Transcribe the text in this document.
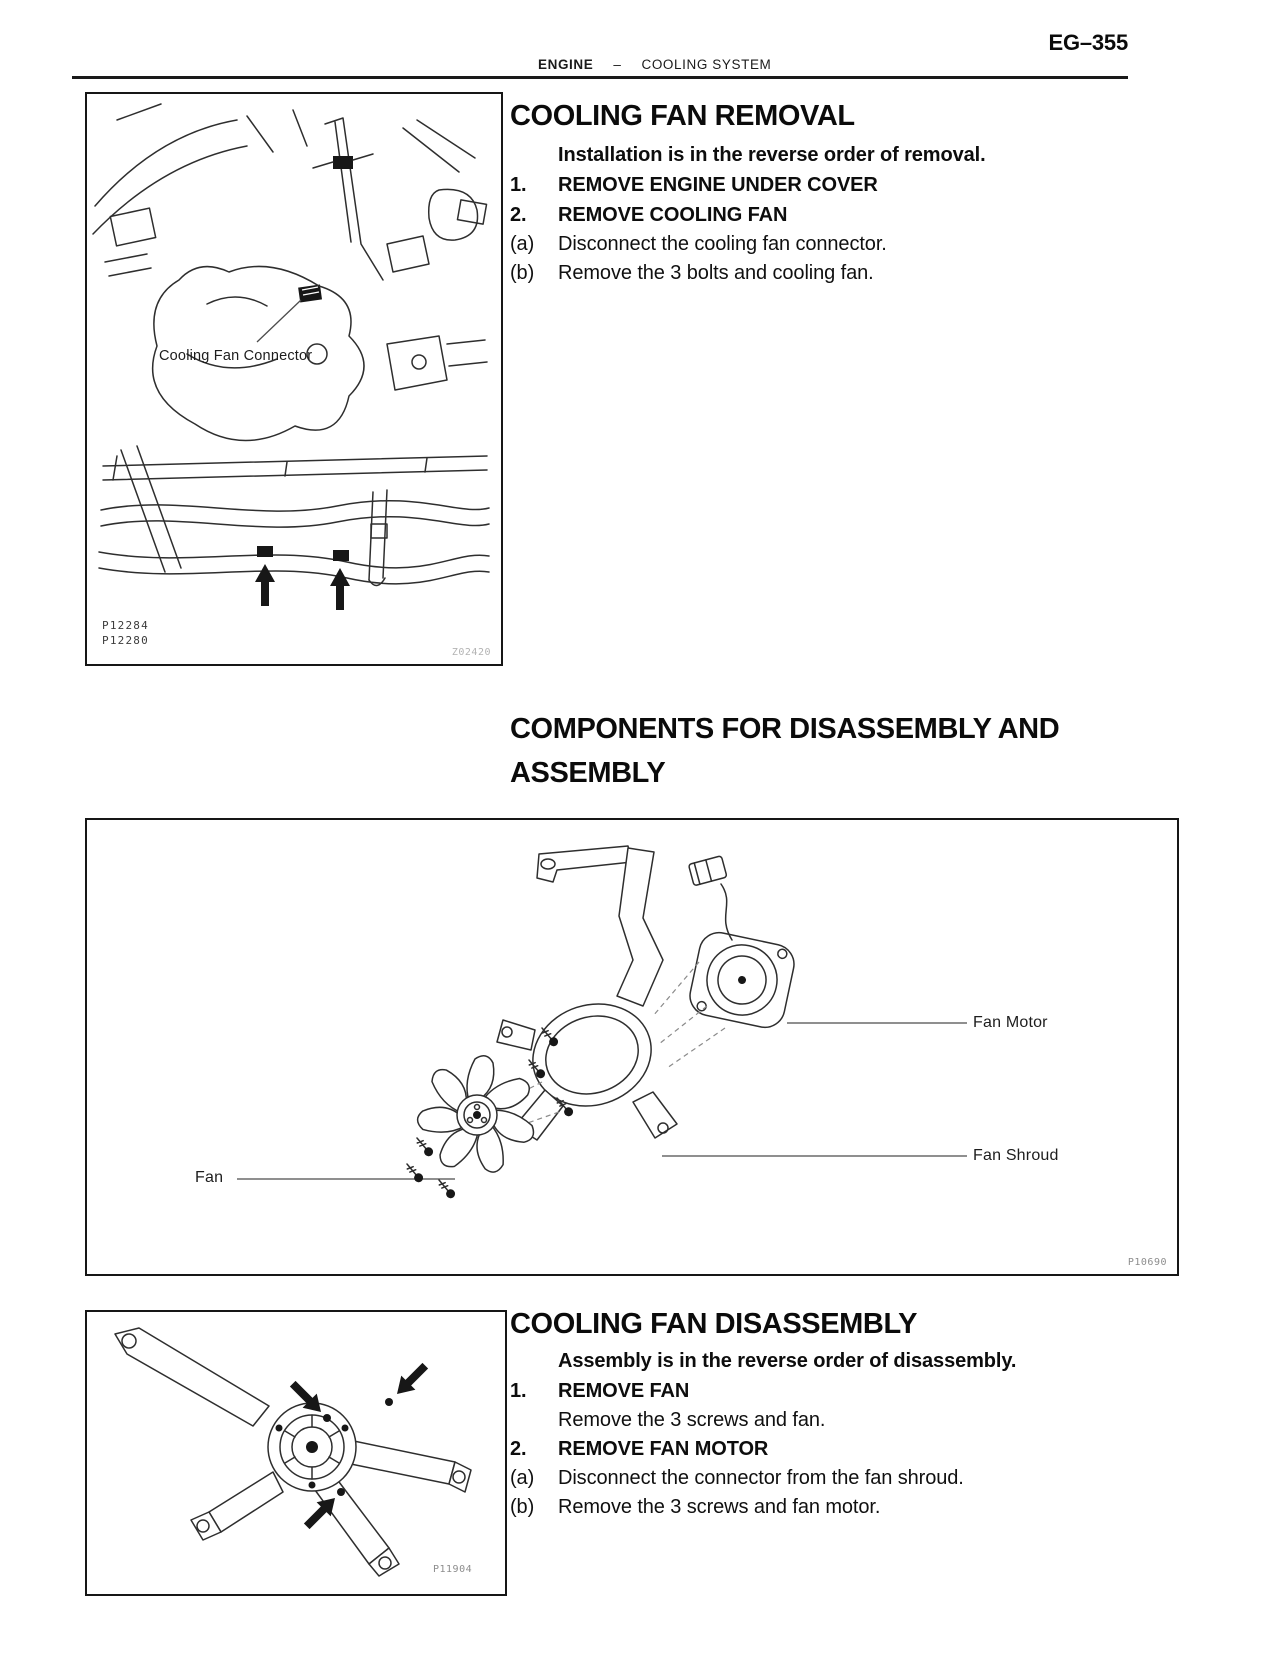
EG–355
ENGINE – COOLING SYSTEM
Cooling Fan Connector
P12284
P12280
Z02420
COOLING FAN REMOVAL
Installation is in the reverse order of removal.
1.	REMOVE ENGINE UNDER COVER
2.	REMOVE COOLING FAN
(a)	Disconnect the cooling fan connector.
(b)	Remove the 3 bolts and cooling fan.
COMPONENTS FOR DISASSEMBLY AND
ASSEMBLY
Fan Motor
Fan Shroud
Fan
P10690
P11904
COOLING FAN DISASSEMBLY
Assembly is in the reverse order of disassembly.
1.	REMOVE FAN
Remove the 3 screws and fan.
2.	REMOVE FAN MOTOR
(a)	Disconnect the connector from the fan shroud.
(b)	Remove the 3 screws and fan motor.
